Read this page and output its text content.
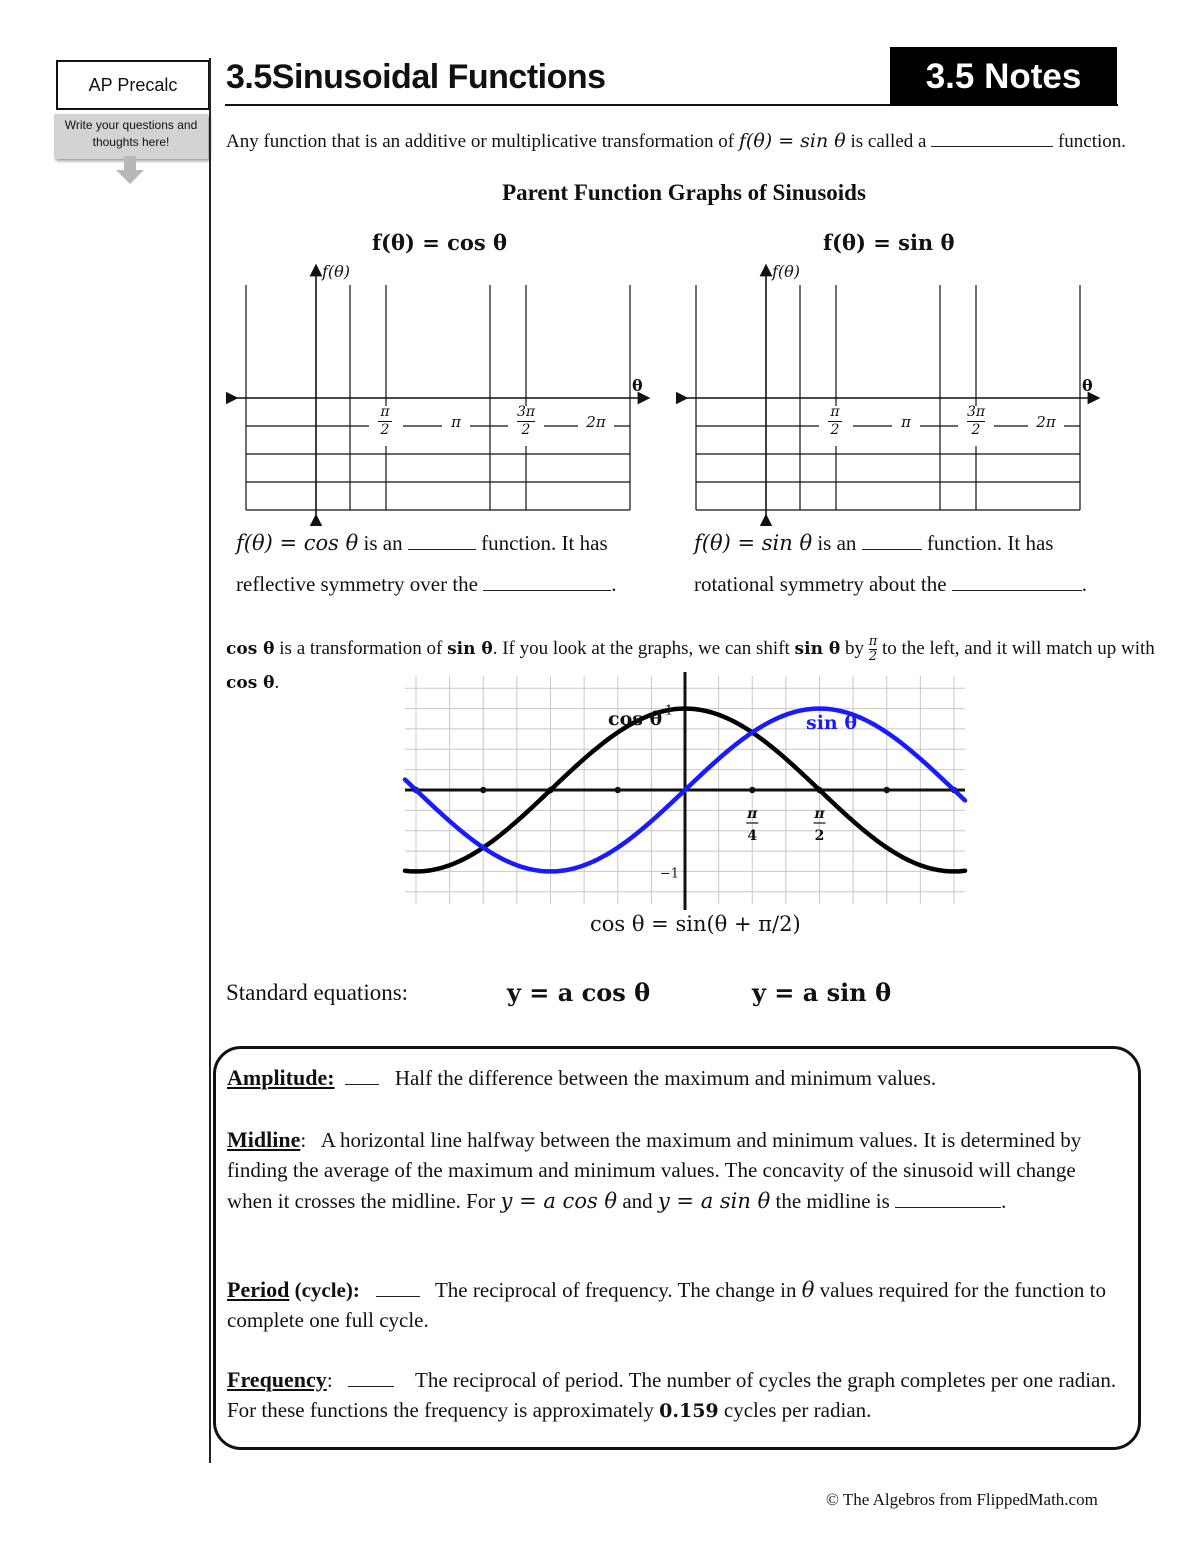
AP Precalc
Write your questions and thoughts here!
3.5Sinusoidal Functions	3.5 Notes
Any function that is an additive or multiplicative transformation of f(θ) = sin θ is called a	function.
Parent Function Graphs of Sinusoids
f(θ) = cos θ	f(θ) = sin θ
f(θ)
θ
π
2	π
3π
2	2π
f(θ)
θ
π
2	π
3π
2	2π
f(θ) = cos θ is an	function. It has
reflective symmetry over the	.
f(θ) = sin θ is an	function. It has
rotational symmetry about the	.
cos θ is a transformation of sin θ. If you look at the graphs, we can shift sin θ by $\frac{\pi}{2}$ to the left, and it will match up with cos θ.
1
−1
π
4
π
2
cos θ	sin θ
cos θ = sin(θ + π/2)
Standard equations:	y = a cos θ	y = a sin θ
Amplitude:	Half the difference between the maximum and minimum values.
Midline: A horizontal line halfway between the maximum and minimum values. It is determined by finding the average of the maximum and minimum values. The concavity of the sinusoid will change when it crosses the midline. For y = a cos θ and y = a sin θ the midline is	.
Period (cycle):	The reciprocal of frequency. The change in θ values required for the function to complete one full cycle.
Frequency:	The reciprocal of period. The number of cycles the graph completes per one radian. For these functions the frequency is approximately 0.159 cycles per radian.
© The Algebros from FlippedMath.com
